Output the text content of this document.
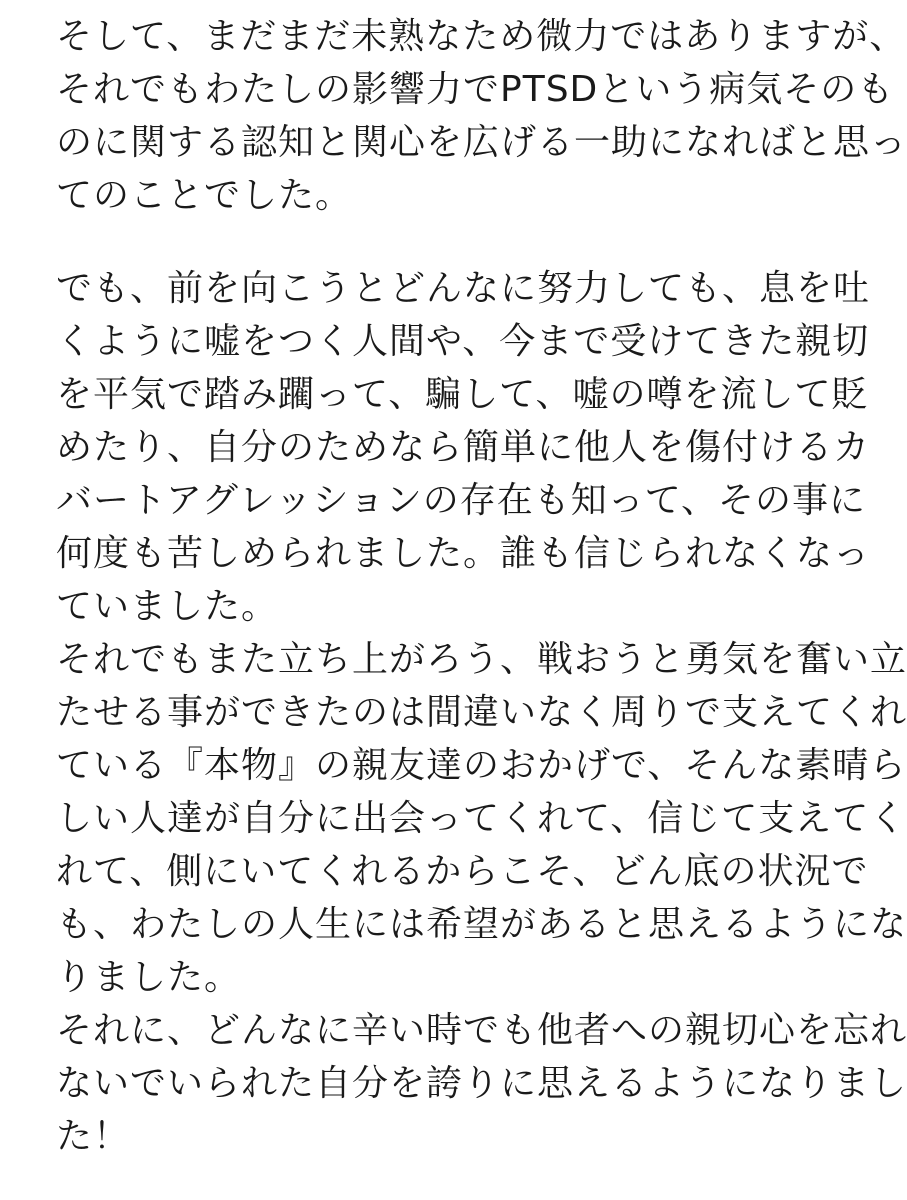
そして、まだまだ未熟なため微力ではありますが、
それでもわたしの影響力でPTSDという病気そのも
のに関する認知と関心を広げる一助になればと思っ
てのことでした。
でも、前を向こうとどんなに努力しても、息を吐
くように嘘をつく人間や、今まで受けてきた親切
を平気で踏み躙って、騙して、嘘の噂を流して貶
めたり、自分のためなら簡単に他人を傷付けるカ
バートアグレッションの存在も知って、その事に
何度も苦しめられました。誰も信じられなくなっ
ていました。
それでもまた立ち上がろう、戦おうと勇気を奮い立
たせる事ができたのは間違いなく周りで支えてくれ
ている『本物』の親友達のおかげで、そんな素晴ら
しい人達が自分に出会ってくれて、信じて支えてく
れて、側にいてくれるからこそ、どん底の状況で
も、わたしの人生には希望があると思えるようにな
りました。
それに、どんなに辛い時でも他者への親切心を忘れ
ないでいられた自分を誇りに思えるようになりまし
た！
